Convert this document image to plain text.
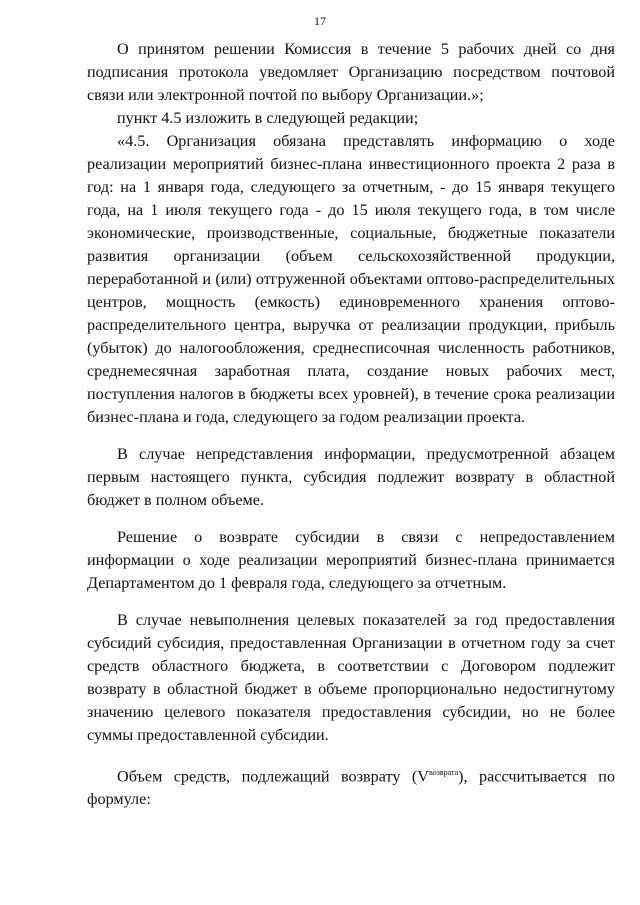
17

О принятом решении Комиссия в течение 5 рабочих дней со дня подписания протокола уведомляет Организацию посредством почтовой связи или электронной почтой по выбору Организации.»;

пункт 4.5 изложить в следующей редакции;

«4.5. Организация обязана представлять информацию о ходе реализации мероприятий бизнес-плана инвестиционного проекта 2 раза в год: на 1 января года, следующего за отчетным, - до 15 января текущего года, на 1 июля текущего года - до 15 июля текущего года, в том числе экономические, производственные, социальные, бюджетные показатели развития организации (объем сельскохозяйственной продукции, переработанной и (или) отгруженной объектами оптово-распределительных центров, мощность (емкость) единовременного хранения оптово-распределительного центра, выручка от реализации продукции, прибыль (убыток) до налогообложения, среднесписочная численность работников, среднемесячная заработная плата, создание новых рабочих мест, поступления налогов в бюджеты всех уровней), в течение срока реализации бизнес-плана и года, следующего за годом реализации проекта.

В случае непредставления информации, предусмотренной абзацем первым настоящего пункта, субсидия подлежит возврату в областной бюджет в полном объеме.

Решение о возврате субсидии в связи с непредоставлением информации о ходе реализации мероприятий бизнес-плана принимается Департаментом до 1 февраля года, следующего за отчетным.

В случае невыполнения целевых показателей за год предоставления субсидий субсидия, предоставленная Организации в отчетном году за счет средств областного бюджета, в соответствии с Договором подлежит возврату в областной бюджет в объеме пропорционально недостигнутому значению целевого показателя предоставления субсидии, но не более суммы предоставленной субсидии.

Объем средств, подлежащий возврату $(V_{возврата})$, рассчитывается по формуле:
